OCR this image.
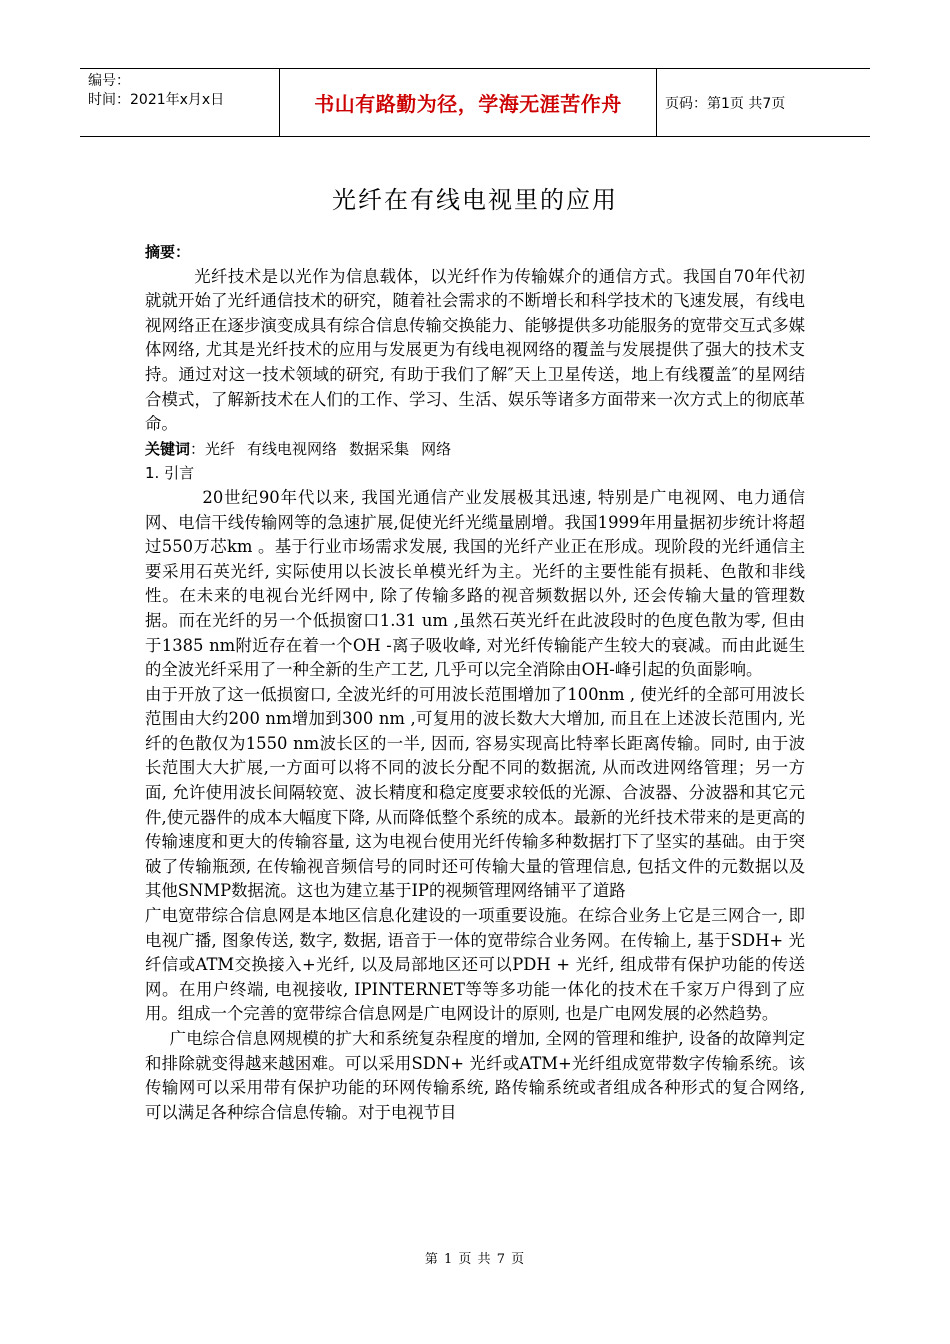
编号：
时间：2021年x月x日	书山有路勤为径，学海无涯苦作舟	页码：第1页 共7页
光纤在有线电视里的应用

摘要：

光纤技术是以光作为信息载体，以光纤作为传输媒介的通信方式。我国自70年代初就就开始了光纤通信技术的研究，随着社会需求的不断增长和科学技术的飞速发展，有线电视网络正在逐步演变成具有综合信息传输交换能力、能够提供多功能服务的宽带交互式多媒体网络, 尤其是光纤技术的应用与发展更为有线电视网络的覆盖与发展提供了强大的技术支持。通过对这一技术领域的研究, 有助于我们了解″天上卫星传送，地上有线覆盖″的星网结合模式，了解新技术在人们的工作、学习、生活、娱乐等诸多方面带来一次方式上的彻底革命。

关键词：光纤 有线电视网络 数据采集 网络

1. 引言

20世纪90年代以来, 我国光通信产业发展极其迅速, 特别是广电视网、电力通信网、电信干线传输网等的急速扩展,促使光纤光缆量剧增。我国1999年用量据初步统计将超过550万芯km 。基于行业市场需求发展, 我国的光纤产业正在形成。现阶段的光纤通信主要采用石英光纤, 实际使用以长波长单模光纤为主。光纤的主要性能有损耗、色散和非线性。在未来的电视台光纤网中, 除了传输多路的视音频数据以外, 还会传输大量的管理数据。而在光纤的另一个低损窗口1.31 um ,虽然石英光纤在此波段时的色度色散为零, 但由于1385 nm附近存在着一个OH -离子吸收峰, 对光纤传输能产生较大的衰减。而由此诞生的全波光纤采用了一种全新的生产工艺, 几乎可以完全消除由OH-峰引起的负面影响。

由于开放了这一低损窗口, 全波光纤的可用波长范围增加了100nm , 使光纤的全部可用波长范围由大约200 nm增加到300 nm ,可复用的波长数大大增加, 而且在上述波长范围内, 光纤的色散仅为1550 nm波长区的一半, 因而, 容易实现高比特率长距离传输。同时, 由于波长范围大大扩展,一方面可以将不同的波长分配不同的数据流, 从而改进网络管理；另一方面, 允许使用波长间隔较宽、波长精度和稳定度要求较低的光源、合波器、分波器和其它元件,使元器件的成本大幅度下降, 从而降低整个系统的成本。最新的光纤技术带来的是更高的传输速度和更大的传输容量, 这为电视台使用光纤传输多种数据打下了坚实的基础。由于突破了传输瓶颈, 在传输视音频信号的同时还可传输大量的管理信息, 包括文件的元数据以及其他SNMP数据流。这也为建立基于IP的视频管理网络铺平了道路

广电宽带综合信息网是本地区信息化建设的一项重要设施。在综合业务上它是三网合一, 即电视广播, 图象传送, 数字, 数据, 语音于一体的宽带综合业务网。在传输上, 基于SDH+ 光纤信或ATM交换接入+光纤, 以及局部地区还可以PDH + 光纤, 组成带有保护功能的传送网。在用户终端, 电视接收, IPINTERNET等等多功能一体化的技术在千家万户得到了应用。组成一个完善的宽带综合信息网是广电网设计的原则, 也是广电网发展的必然趋势。

广电综合信息网规模的扩大和系统复杂程度的增加, 全网的管理和维护, 设备的故障判定和排除就变得越来越困难。可以采用SDN+ 光纤或ATM+光纤组成宽带数字传输系统。该传输网可以采用带有保护功能的环网传输系统, 路传输系统或者组成各种形式的复合网络, 可以满足各种综合信息传输。对于电视节目

第 1 页 共 7 页
